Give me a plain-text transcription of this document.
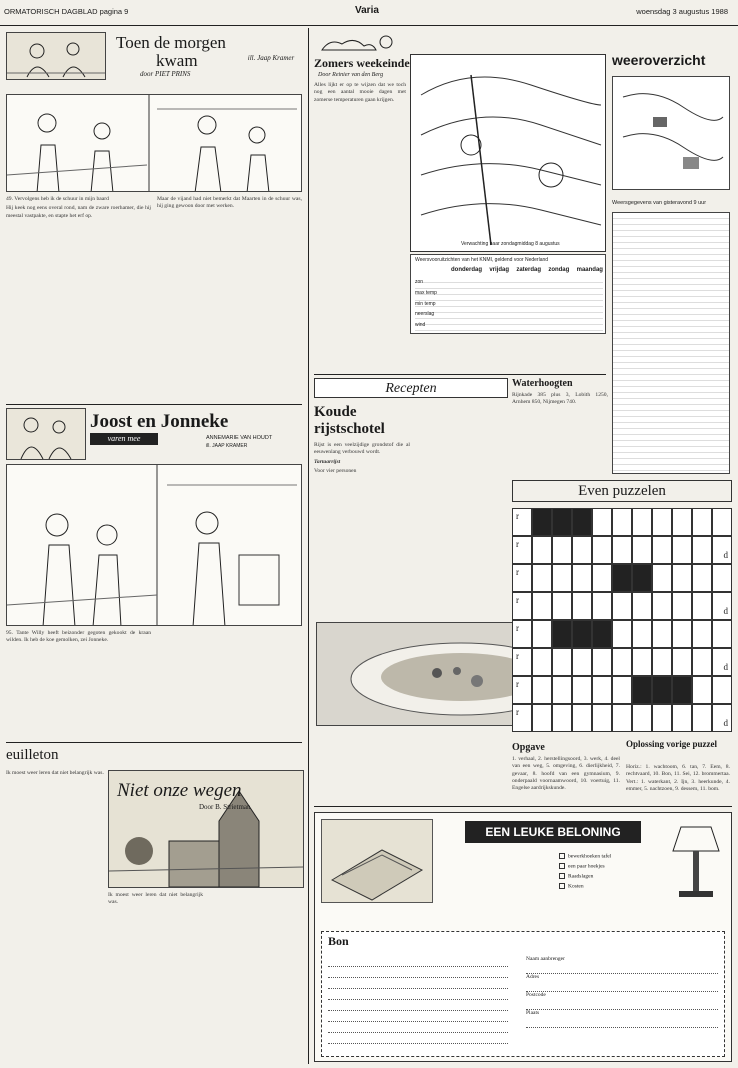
ORMATORISCH DAGBLAD pagina 9	Varia	woensdag 3 augustus 1988
Toen de morgen
kwam
door PIET PRINS
ill. Jaap Kramer

49. Vervolgens heb ik de schuur in mijn baard

Hij keek nog eens overal rond, nam de zware roerhamer, die hij meestal vastpakte, en stapte het erf op.

Maar de vijand had niet bemerkt dat Maarten in de schuur was, hij ging gewoon door met werken.

Joost en Jonneke
varen mee	ANNEMARIE VAN HOUDT
ill. JAAP KRAMER

95. Tante Willy heeft beizonder gegoten gekookt de kraan wilden. Ik heb de koe gemolken, zei Jonneke.

euilleton

Ik moest weer leren dat niet belangrijk was.

Niet onze wegen
Door B. Strietman

Ik moest weer leren dat niet belangrijk was.

Zomers weekeinde
Door Reinier van den Berg

Alles lijkt er op te wijzen dat we toch nog een aantal mooie dagen met zomerse temperaturen gaan krijgen.

Verwachting naar zondagmiddag 8 augustus
weeroverzicht
Weersvooruitzichten van het KNMI, geldend voor Nederland
donderdag vrijdag zaterdag zondag maandag
zon
max temp
min temp
neerslag
wind
Weersgegevens van gisteravond 9 uur
Recepten
Koude rijstschotel

Rijst is een veelzijdige grondstof die al eeuwenlang verbouwd wordt.

Tartaarrijst

Voor vier personen

Waterhoogten

Rijnkade 385 plus 3, Lobith 1250, Arnhem 850, Nijmegen 740.

Even puzzelen
r
r
d
r
r
d
r
r
d
r
r
d
Opgave
1. verhaal, 2. herstellingsoord, 3. werk, 4. deel van een weg, 5. omgeving, 6. dierlijkheid, 7. gevaar, 8. hoofd van een gymnasium, 9. onderpaald voornaamwoord, 10. voertuig, 11. Engelse aardrijkskunde.
Oplossing vorige puzzel
Horiz.: 1. wachtoom, 6. tan, 7. Eem, 8. rechtvaard, 10. Bon, 11. Sei, 12. brommertaa. Vert.: 1. waterkant, 2. Ijn, 3. heerkunde, 4. emmer, 5. nachtzoen, 9. dessem, 11. bom.
EEN LEUKE BELONING
bewerkhoeken tafel
een paar hoekjes
Raadslagen
Kosten
Bon
Naam aanbrenger
Adres
Postcode
Plaats
